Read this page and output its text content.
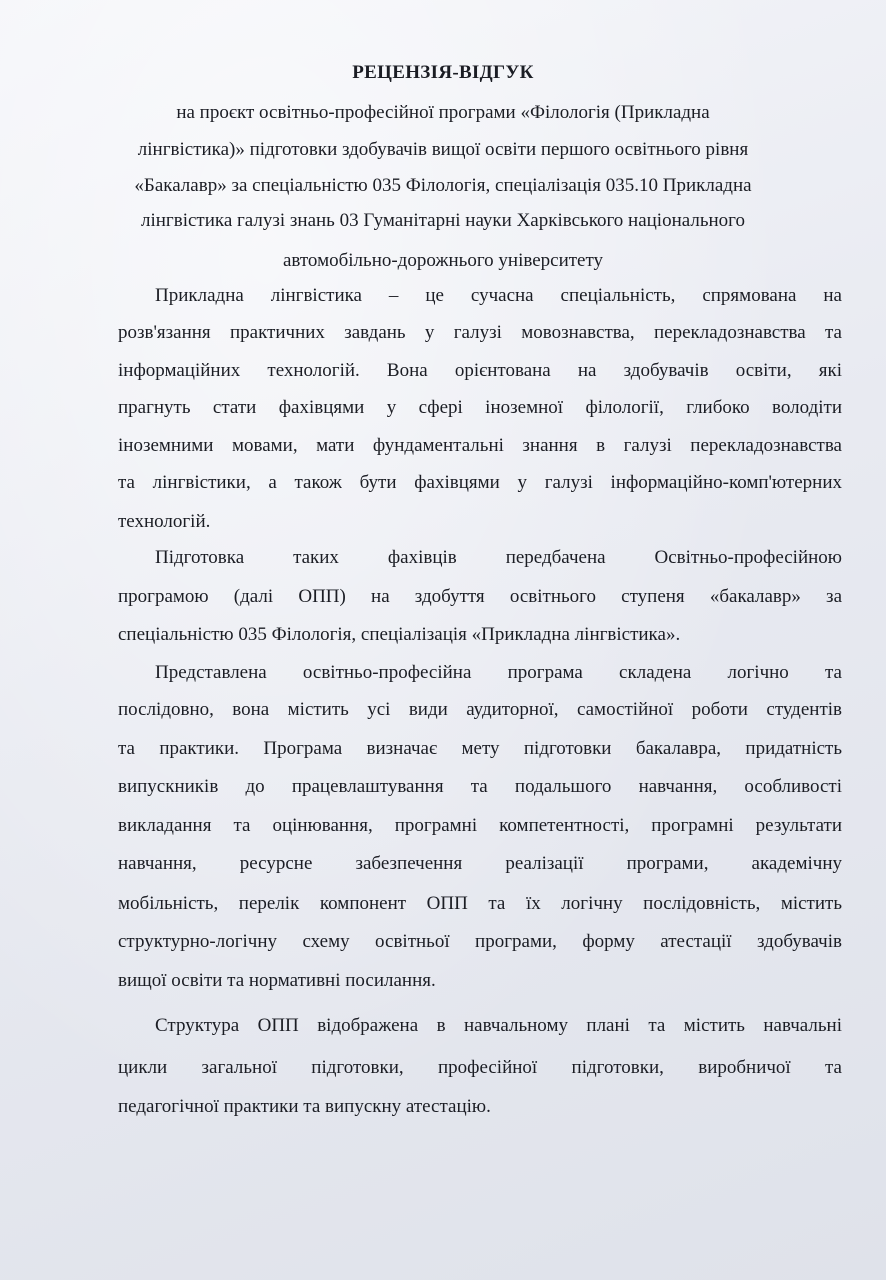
РЕЦЕНЗІЯ-ВІДГУК
на проєкт освітньо-професійної програми «Філологія (Прикладна
лінгвістика)» підготовки здобувачів вищої освіти першого освітнього рівня
«Бакалавр» за спеціальністю 035 Філологія, спеціалізація 035.10 Прикладна
лінгвістика галузі знань 03 Гуманітарні науки Харківського національного
автомобільно-дорожнього університету
Прикладна лінгвістика – це сучасна спеціальність, спрямована на
розв'язання практичних завдань у галузі мовознавства, перекладознавства та
інформаційних технологій. Вона орієнтована на здобувачів освіти, які
прагнуть стати фахівцями у сфері іноземної філології, глибоко володіти
іноземними мовами, мати фундаментальні знання в галузі перекладознавства
та лінгвістики, а також бути фахівцями у галузі інформаційно-комп'ютерних
технологій.
Підготовка таких фахівців передбачена Освітньо-професійною
програмою (далі ОПП) на здобуття освітнього ступеня «бакалавр» за
спеціальністю 035 Філологія, спеціалізація «Прикладна лінгвістика».
Представлена освітньо-професійна програма складена логічно та
послідовно, вона містить усі види аудиторної, самостійної роботи студентів
та практики. Програма визначає мету підготовки бакалавра, придатність
випускників до працевлаштування та подальшого навчання, особливості
викладання та оцінювання, програмні компетентності, програмні результати
навчання, ресурсне забезпечення реалізації програми, академічну
мобільність, перелік компонент ОПП та їх логічну послідовність, містить
структурно-логічну схему освітньої програми, форму атестації здобувачів
вищої освіти та нормативні посилання.
Структура ОПП відображена в навчальному плані та містить навчальні
цикли загальної підготовки, професійної підготовки, виробничої та
педагогічної практики та випускну атестацію.
